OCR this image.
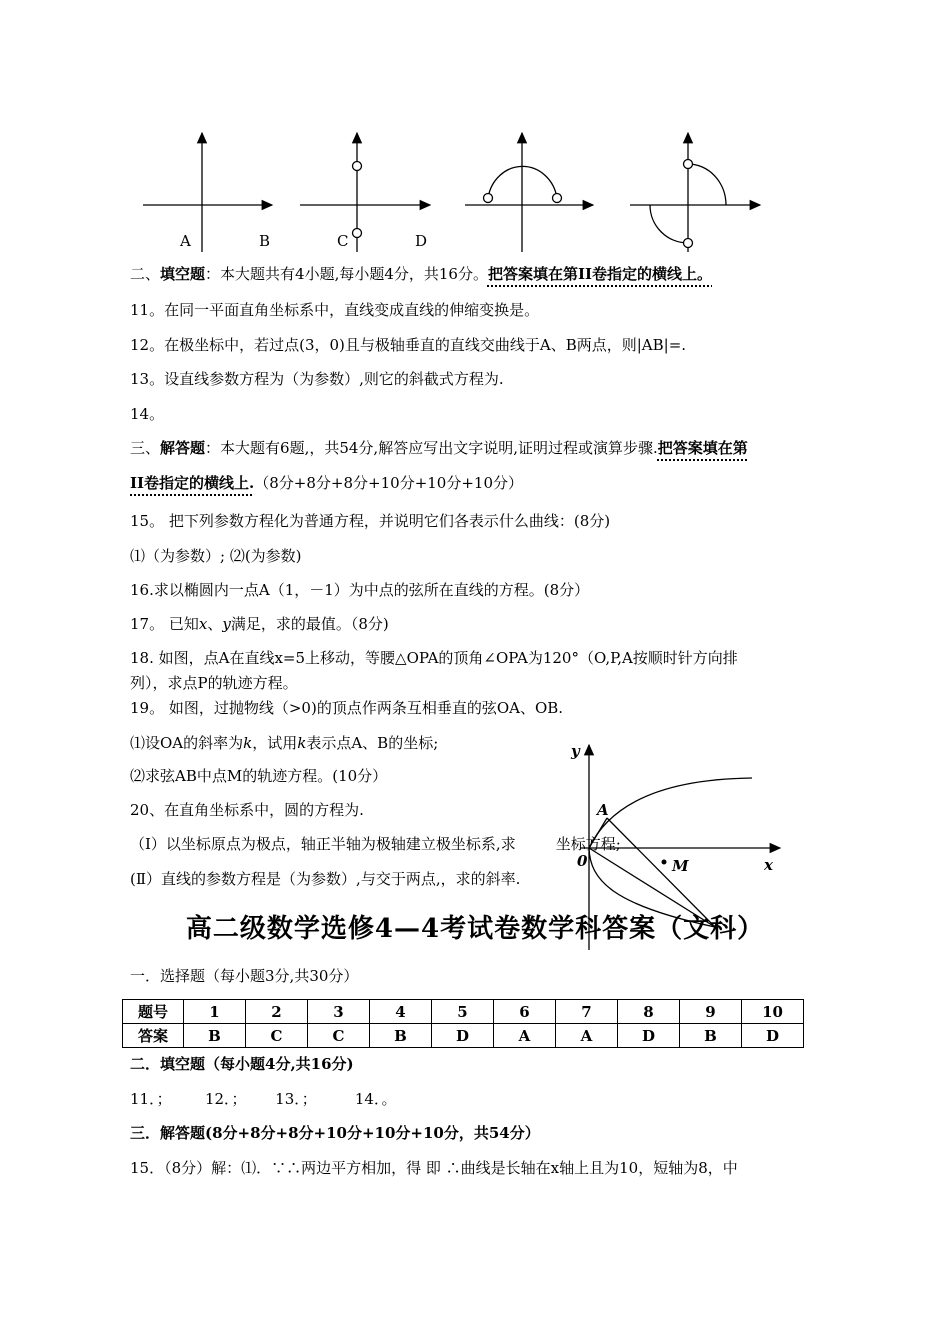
A	B	C	D
二、填空题：本大题共有4小题,每小题4分，共16分。把答案填在第II卷指定的横线上。
11。在同一平面直角坐标系中，直线变成直线的伸缩变换是。
12。在极坐标中，若过点(3，0)且与极轴垂直的直线交曲线于A、B两点，则|AB|=.
13。设直线参数方程为（为参数）,则它的斜截式方程为.
14。
三、解答题：本大题有6题,，共54分,解答应写出文字说明,证明过程或演算步骤.把答案填在第
II卷指定的横线上.（8分+8分+8分+10分+10分+10分）
15。 把下列参数方程化为普通方程，并说明它们各表示什么曲线：(8分)
⑴（为参数）; ⑵(为参数)
16.求以椭圆内一点A（1，－1）为中点的弦所在直线的方程。(8分）
17。 已知x、y满足，求的最值。（8分)
18. 如图，点A在直线x=5上移动，等腰△OPA的顶角∠OPA为120°（O,P,A按顺时针方向排
列），求点P的轨迹方程。
19。 如图，过抛物线（>0)的顶点作两条互相垂直的弦OA、OB.
⑴设OA的斜率为k，试用k表示点A、B的坐标;
⑵求弦AB中点M的轨迹方程。(10分）
20、在直角坐标系中，圆的方程为.
（Ⅰ）以坐标原点为极点，轴正半轴为极轴建立极坐标系,求	坐标方程;
(Ⅱ）直线的参数方程是（为参数）,与交于两点,，求的斜率.
y
x
A
0	M
高二级数学选修4—4考试卷数学科答案（文科）
一．选择题（每小题3分,共30分）
题号	1	2	3	4	5	6	7	8	9	10
答案	B	C	C	B	D	A	A	D	B	D
二．填空题（每小题4分,共16分)
11．；       12．；      13．；        14．。
三．解答题(8分+8分+8分+10分+10分+10分，共54分）
15．（8分）解：⑴．∵∴两边平方相加，得 即 ∴曲线是长轴在x轴上且为10，短轴为8，中
